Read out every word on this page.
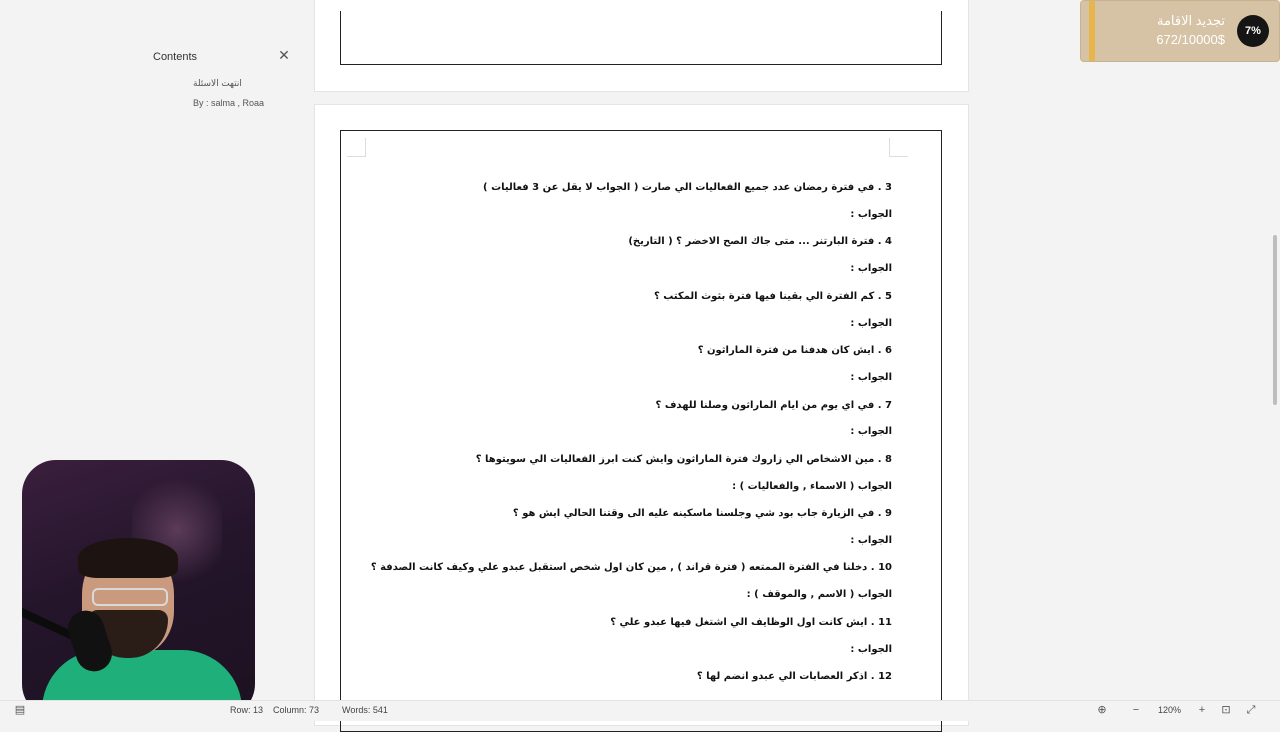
Contents	✕
انتهت الاسئلة
By : salma , Roaa
3 . في فترة رمضان عدد جميع الفعاليات الي صارت ( الجواب لا يقل عن 3 فعاليات )
الجواب :
4 . فترة البارتنر ... متى جاك الصح الاخضر ؟ ( التاريخ)
الجواب :
5 . كم الفترة الي بقينا فيها فترة بثوث المكتب ؟
الجواب :
6 . ايش كان هدفنا من فترة الماراثون ؟
الجواب :
7 . في اي يوم من ايام الماراثون وصلنا للهدف ؟
الجواب :
8 . مين الاشخاص الي زاروك فترة الماراثون وايش كنت ابرز الفعاليات الي سويتوها ؟
الجواب ( الاسماء , والفعاليات ) :
9 . في الزيارة جاب بود شي وجلسنا ماسكينه عليه الى وقتنا الحالي ايش هو ؟
الجواب :
10 . دخلنا في الفترة الممتعه ( فترة قراند ) , مين كان اول شخص استقبل عبدو علي وكيف كانت الصدفة ؟
الجواب ( الاسم , والموقف ) :
11 . ايش كانت اول الوظايف الي اشتغل فيها عبدو علي ؟
الجواب :
12 . اذكر العصابات الي عبدو انضم لها ؟
تجديد الاقامة
672/10000$
7%
▤	Row: 13 Column: 73	Words: 541	⊕ −	120% + ⊡ ⤢
